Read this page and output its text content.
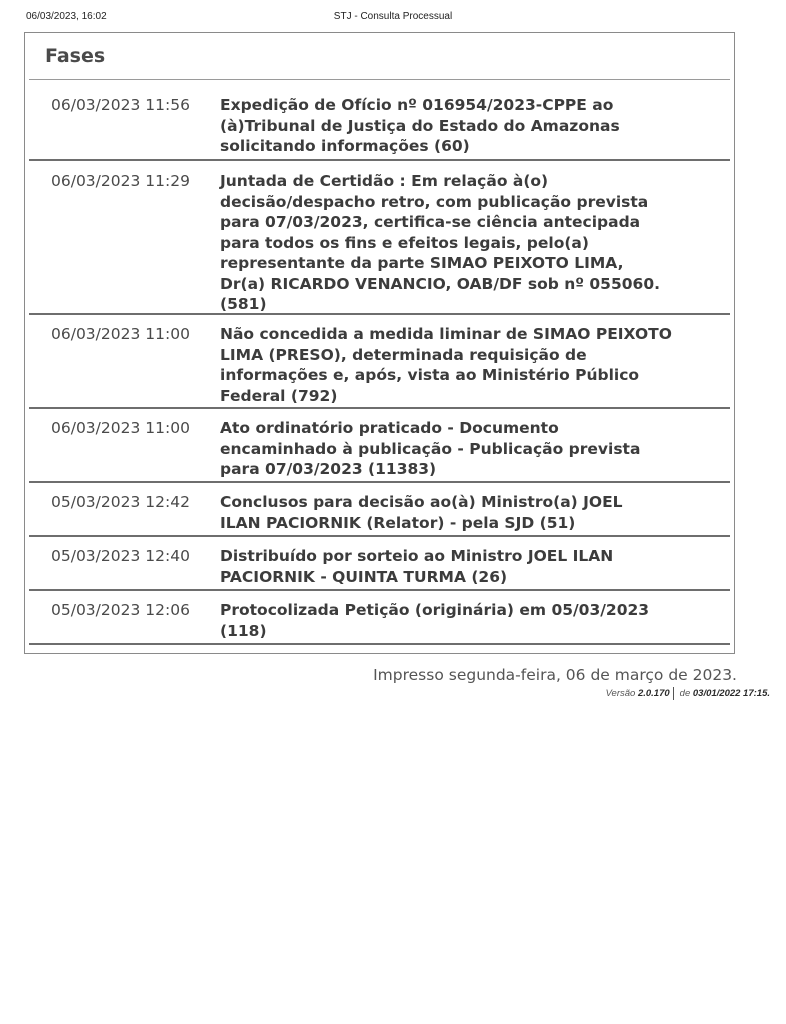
06/03/2023, 16:02	STJ - Consulta Processual
Fases
06/03/2023 11:56 Expedição de Ofício nº 016954/2023-CPPE ao
(à)Tribunal de Justiça do Estado do Amazonas
solicitando informações (60)
06/03/2023 11:29 Juntada de Certidão : Em relação à(o)
decisão/despacho retro, com publicação prevista
para 07/03/2023, certifica-se ciência antecipada
para todos os fins e efeitos legais, pelo(a)
representante da parte SIMAO PEIXOTO LIMA,
Dr(a) RICARDO VENANCIO, OAB/DF sob nº 055060.
(581)
06/03/2023 11:00 Não concedida a medida liminar de SIMAO PEIXOTO
LIMA (PRESO), determinada requisição de
informações e, após, vista ao Ministério Público
Federal (792)
06/03/2023 11:00 Ato ordinatório praticado - Documento
encaminhado à publicação - Publicação prevista
para 07/03/2023 (11383)
05/03/2023 12:42 Conclusos para decisão ao(à) Ministro(a) JOEL
ILAN PACIORNIK (Relator) - pela SJD (51)
05/03/2023 12:40 Distribuído por sorteio ao Ministro JOEL ILAN
PACIORNIK - QUINTA TURMA (26)
05/03/2023 12:06 Protocolizada Petição (originária) em 05/03/2023
(118)
Impresso segunda-feira, 06 de março de 2023.
Versão 2.0.170 de 03/01/2022 17:15.
